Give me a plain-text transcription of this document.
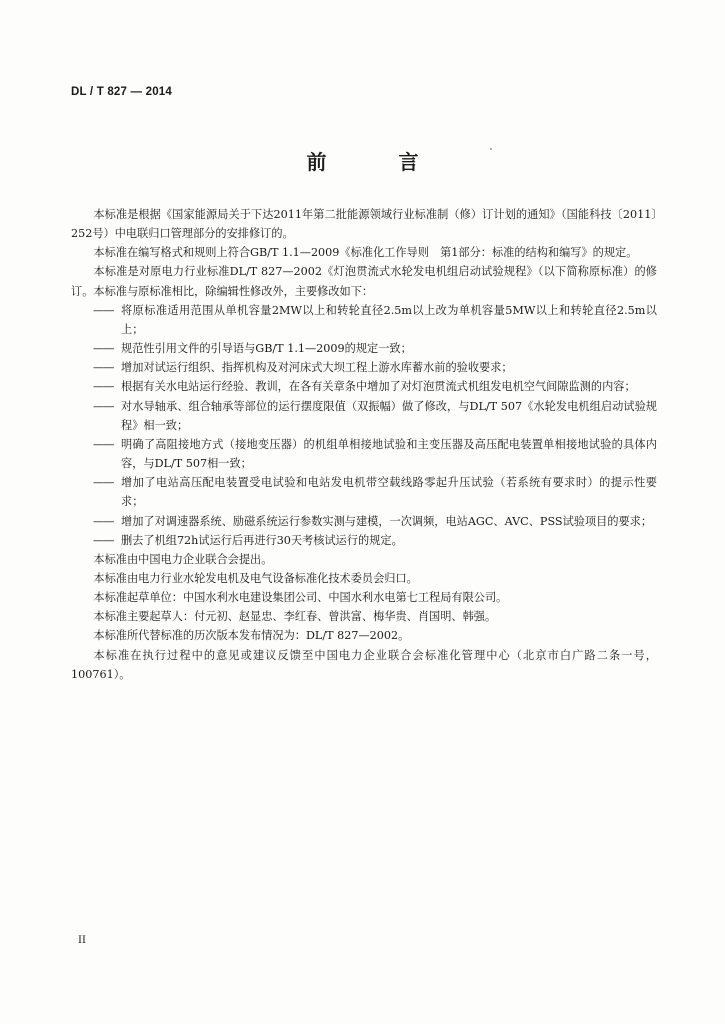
DL / T 827 — 2014
前　言

本标准是根据《国家能源局关于下达2011年第二批能源领域行业标准制（修）订计划的通知》（国能科技〔2011〕252号）中电联归口管理部分的安排修订的。

本标准在编写格式和规则上符合GB/T 1.1—2009《标准化工作导则　第1部分：标准的结构和编写》的规定。

本标准是对原电力行业标准DL/T 827—2002《灯泡贯流式水轮发电机组启动试验规程》（以下简称原标准）的修订。本标准与原标准相比，除编辑性修改外，主要修改如下：

—— 将原标准适用范围从单机容量2MW以上和转轮直径2.5m以上改为单机容量5MW以上和转轮直径2.5m以上；
—— 规范性引用文件的引导语与GB/T 1.1—2009的规定一致；
—— 增加对试运行组织、指挥机构及对河床式大坝工程上游水库蓄水前的验收要求；
—— 根据有关水电站运行经验、教训，在各有关章条中增加了对灯泡贯流式机组发电机空气间隙监测的内容；
—— 对水导轴承、组合轴承等部位的运行摆度限值（双振幅）做了修改，与DL/T 507《水轮发电机组启动试验规程》相一致；
—— 明确了高阻接地方式（接地变压器）的机组单相接地试验和主变压器及高压配电装置单相接地试验的具体内容，与DL/T 507相一致；
—— 增加了电站高压配电装置受电试验和电站发电机带空载线路零起升压试验（若系统有要求时）的提示性要求；
—— 增加了对调速器系统、励磁系统运行参数实测与建模，一次调频，电站AGC、AVC、PSS试验项目的要求；
—— 删去了机组72h试运行后再进行30天考核试运行的规定。

本标准由中国电力企业联合会提出。

本标准由电力行业水轮发电机及电气设备标准化技术委员会归口。

本标准起草单位：中国水利水电建设集团公司、中国水利水电第七工程局有限公司。

本标准主要起草人：付元初、赵显忠、李红春、曾洪富、梅华贵、肖国明、韩强。

本标准所代替标准的历次版本发布情况为：DL/T 827—2002。

本标准在执行过程中的意见或建议反馈至中国电力企业联合会标准化管理中心（北京市白广路二条一号，100761）。

II
